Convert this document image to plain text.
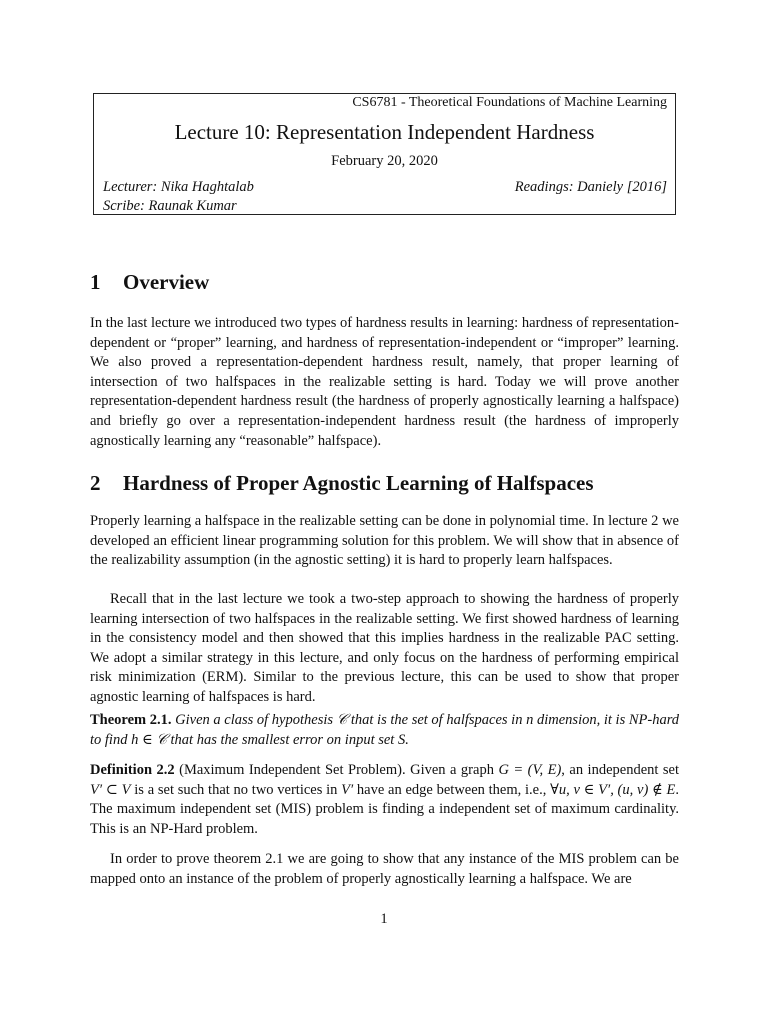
CS6781 - Theoretical Foundations of Machine Learning
Lecture 10: Representation Independent Hardness
February 20, 2020
Lecturer: Nika Haghtalab
Scribe: Raunak Kumar
Readings: Daniely [2016]
1 Overview

In the last lecture we introduced two types of hardness results in learning: hardness of representation-dependent or “proper” learning, and hardness of representation-independent or “improper” learning. We also proved a representation-dependent hardness result, namely, that proper learning of intersection of two halfspaces in the realizable setting is hard. Today we will prove another representation-dependent hardness result (the hardness of properly agnostically learning a halfspace) and briefly go over a representation-independent hardness result (the hardness of improperly agnostically learning any “reasonable” halfspace).

2 Hardness of Proper Agnostic Learning of Halfspaces

Properly learning a halfspace in the realizable setting can be done in polynomial time. In lecture 2 we developed an efficient linear programming solution for this problem. We will show that in absence of the realizability assumption (in the agnostic setting) it is hard to properly learn halfspaces.

Recall that in the last lecture we took a two-step approach to showing the hardness of properly learning intersection of two halfspaces in the realizable setting. We first showed hardness of learning in the consistency model and then showed that this implies hardness in the realizable PAC setting. We adopt a similar strategy in this lecture, and only focus on the hardness of performing empirical risk minimization (ERM). Similar to the previous lecture, this can be used to show that proper agnostic learning of halfspaces is hard.

Theorem 2.1. Given a class of hypothesis 𝒞 that is the set of halfspaces in n dimension, it is NP-hard to find h ∈ 𝒞 that has the smallest error on input set S.

Definition 2.2 (Maximum Independent Set Problem). Given a graph G = (V, E), an independent set V′ ⊂ V is a set such that no two vertices in V′ have an edge between them, i.e., ∀u, v ∈ V′, (u, v) ∉ E. The maximum independent set (MIS) problem is finding a independent set of maximum cardinality. This is an NP-Hard problem.

In order to prove theorem 2.1 we are going to show that any instance of the MIS problem can be mapped onto an instance of the problem of properly agnostically learning a halfspace. We are

1
